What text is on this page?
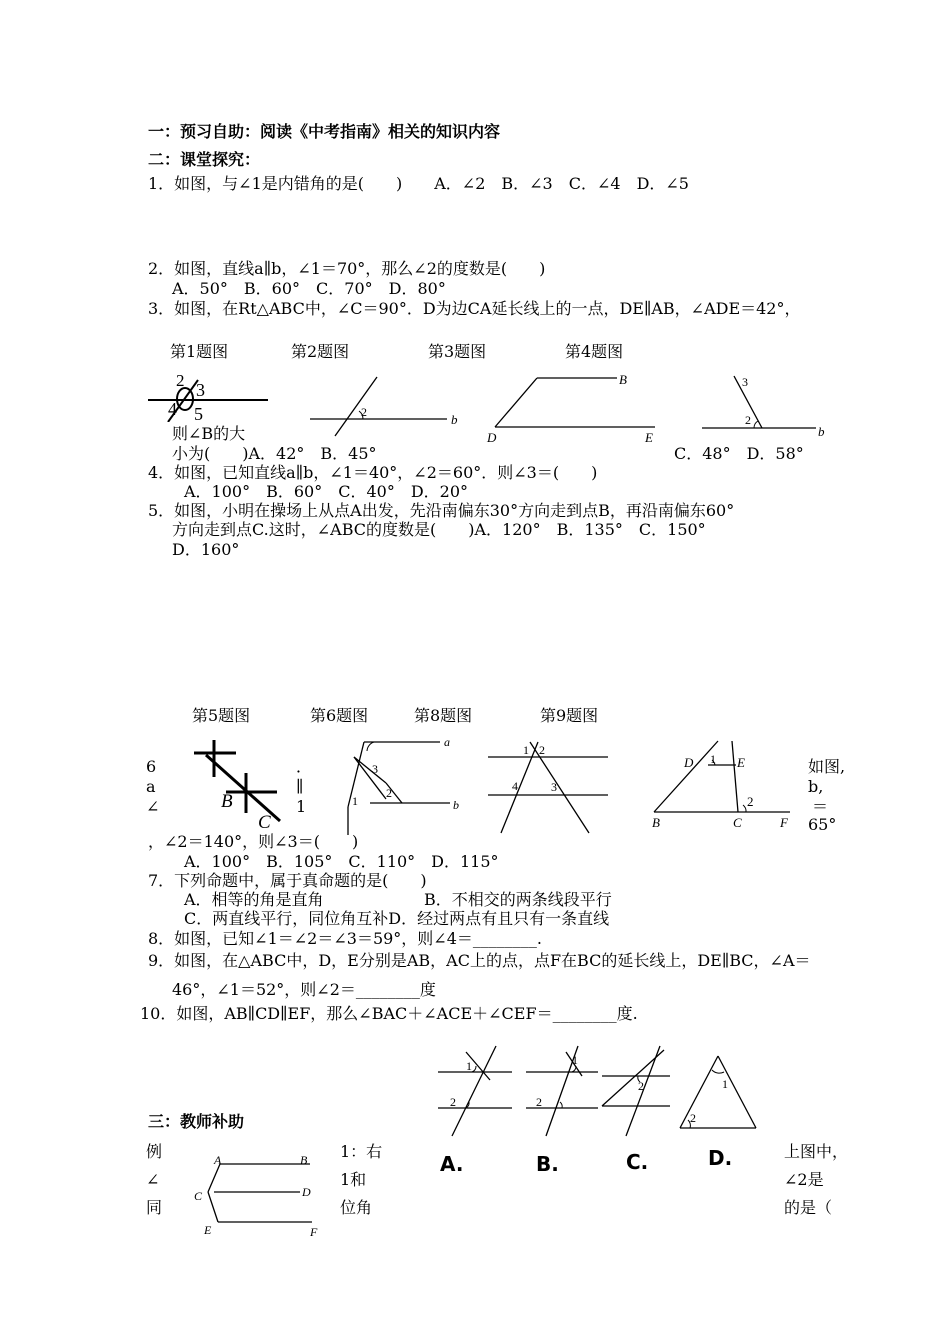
一：预习自助：阅读《中考指南》相关的知识内容
二：课堂探究：
1．如图，与∠1是内错角的是(　　)　　A．∠2　B．∠3　C．∠4　D．∠5
2．如图，直线a∥b，∠1＝70°，那么∠2的度数是(　　)
A．50°　B．60°　C．70°　D．80°
3．如图，在Rt△ABC中，∠C＝90°．D为边CA延长线上的一点，DE∥AB，∠ADE＝42°，
第1题图	第2题图	第3题图	第4题图
2 3
4 5	2	b
B
D	E
3
2
b
则∠B的大
小为(　　)A．42°　B．45°	C．48°　D．58°
4．如图，已知直线a∥b，∠1＝40°，∠2＝60°．则∠3＝(　　)
A．100°　B．60°　C．40°　D．20°
5．如图，小明在操场上从点A出发，先沿南偏东30°方向走到点B，再沿南偏东60°
方向走到点C.这时，∠ABC的度数是(　　)A．120°　B．135°　C．150°
D．160°
第5题图	第6题图	第8题图	第9题图
6
a
∠
．
∥
1
如图,
b,
＝
65°
B
C
a
3
2
1	b
1 2
4	3
D 1 E
2
B	C	F
，∠2＝140°，则∠3＝(　　)
A．100°　B．105°　C．110°　D．115°
7．下列命题中，属于真命题的是(　　)
A．相等的角是直角	B．不相交的两条线段平行
C．两直线平行，同位角互补D．经过两点有且只有一条直线
8．如图，已知∠1＝∠2＝∠3＝59°，则∠4＝________.
9．如图，在△ABC中，D，E分别是AB，AC上的点，点F在BC的延长线上，DE∥BC，∠A＝
46°，∠1＝52°，则∠2＝________度
10．如图，AB∥CD∥EF，那么∠BAC＋∠ACE＋∠CEF＝________度.
1
2
1
2
2	1
2
A.	B.	C.	D.
三：教师补助
例
∠
同
1：右
1和
位角
上图中，
∠2是
的是（
A	B
C	D
E	F
